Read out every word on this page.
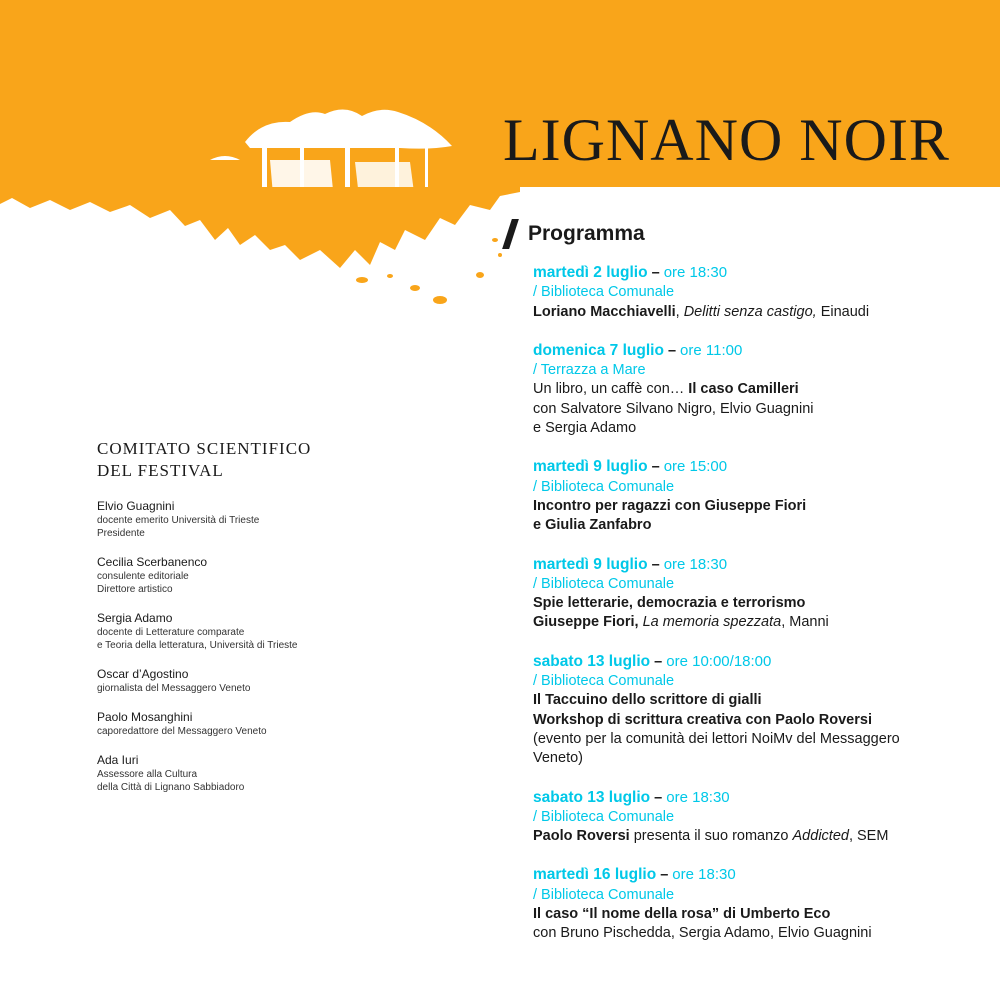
LIGNANO NOIR
Programma
martedì 2 luglio – ore 18:30
/ Biblioteca Comunale
Loriano Macchiavelli, Delitti senza castigo, Einaudi
domenica 7 luglio – ore 11:00
/ Terrazza a Mare
Un libro, un caffè con… Il caso Camilleri
con Salvatore Silvano Nigro, Elvio Guagnini
e Sergia Adamo
martedì 9 luglio – ore 15:00
/ Biblioteca Comunale
Incontro per ragazzi con Giuseppe Fiori
e Giulia Zanfabro
martedì 9 luglio – ore 18:30
/ Biblioteca Comunale
Spie letterarie, democrazia e terrorismo
Giuseppe Fiori, La memoria spezzata, Manni
sabato 13 luglio – ore 10:00/18:00
/ Biblioteca Comunale
Il Taccuino dello scrittore di gialli
Workshop di scrittura creativa con Paolo Roversi
(evento per la comunità dei lettori NoiMv del Messaggero
Veneto)
sabato 13 luglio – ore 18:30
/ Biblioteca Comunale
Paolo Roversi presenta il suo romanzo Addicted, SEM
martedì 16 luglio – ore 18:30
/ Biblioteca Comunale
Il caso “Il nome della rosa” di Umberto Eco
con Bruno Pischedda, Sergia Adamo, Elvio Guagnini
COMITATO SCIENTIFICO
DEL FESTIVAL
Elvio Guagnini
docente emerito Università di Trieste
Presidente
Cecilia Scerbanenco
consulente editoriale
Direttore artistico
Sergia Adamo
docente di Letterature comparate
e Teoria della letteratura, Università di Trieste
Oscar d’Agostino
giornalista del Messaggero Veneto
Paolo Mosanghini
caporedattore del Messaggero Veneto
Ada Iuri
Assessore alla Cultura
della Città di Lignano Sabbiadoro
